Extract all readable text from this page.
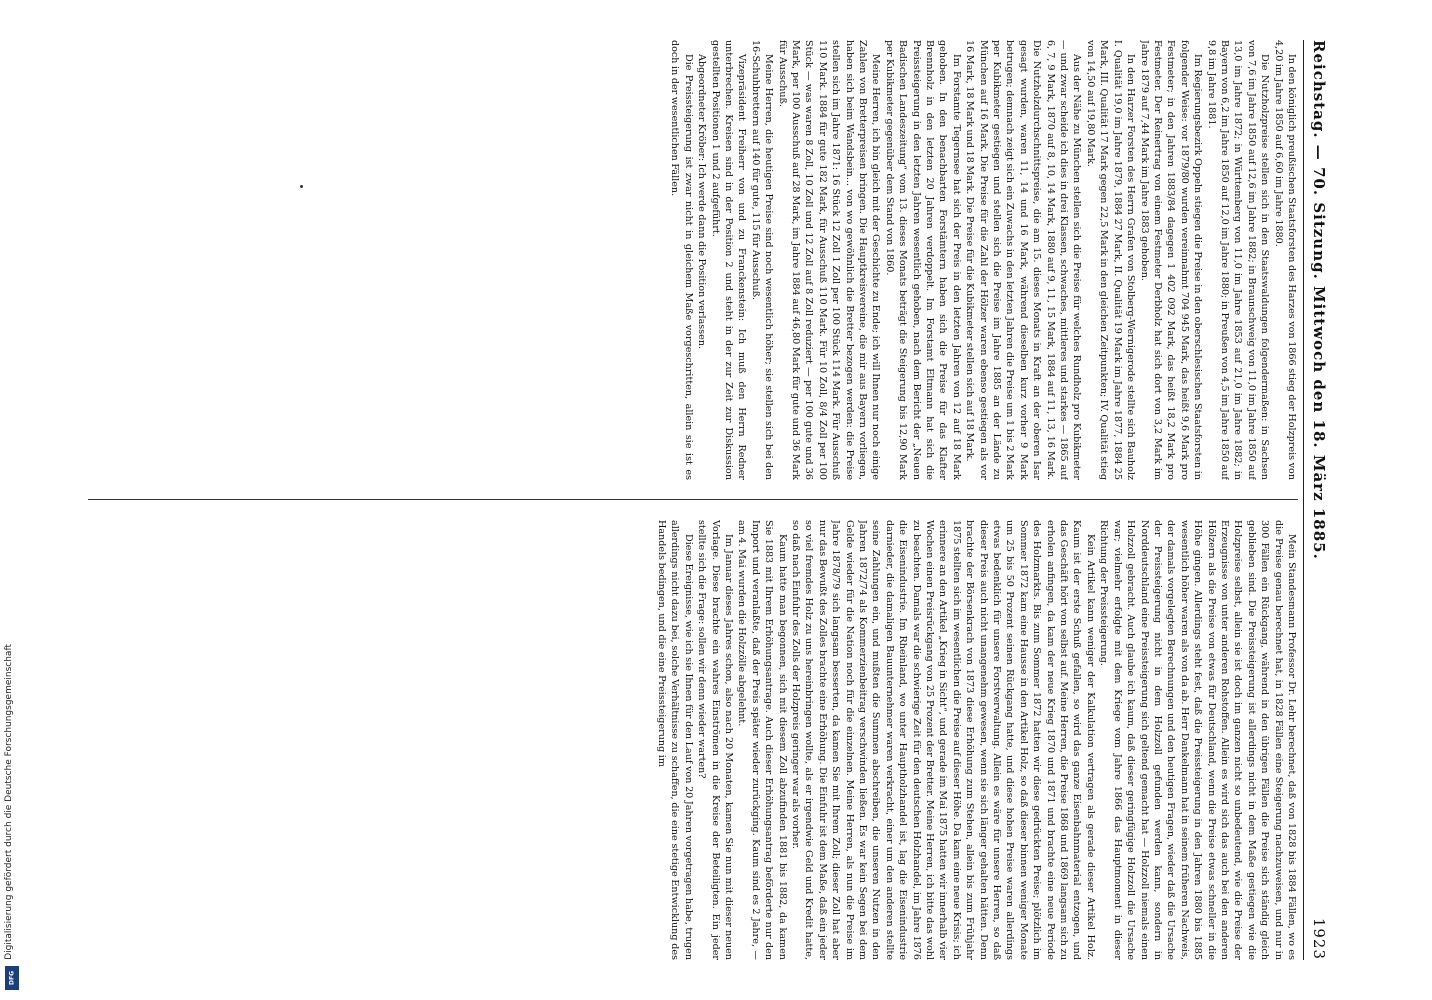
Digitalisierung gefördert durch die Deutsche Forschungsgemeinschaft
DFG
Reichstag. — 70. Sitzung. Mittwoch den 18. März 1885.
1923

In den königlich preußischen Staatsforsten des Harzes von 1866 stieg der Holzpreis von 4,20 im Jahre 1850 auf 6,60 im Jahre 1880.

Die Nutzholzpreise stellen sich in den Staatswaldungen folgendermaßen: in Sachsen von 7,6 im Jahre 1850 auf 12,6 im Jahre 1882; in Braunschweig von 11,0 im Jahre 1850 auf 13,0 im Jahre 1872; in Württemberg von 11,0 im Jahre 1853 auf 21,0 im Jahre 1882; in Bayern von 6,2 im Jahre 1850 auf 12,0 im Jahre 1880; in Preußen von 4,5 im Jahre 1850 auf 9,8 im Jahre 1881.

Im Regierungsbezirk Oppeln stiegen die Preise in den oberschlesischen Staatsforsten in folgender Weise: vor 1879/80 wurden vereinnahmt 704 945 Mark, das heißt 9,6 Mark pro Festmeter; in den Jahren 1883/84 dagegen 1 402 092 Mark, das heißt 18,2 Mark pro Festmeter. Der Reinertrag von einem Festmeter Derbholz hat sich dort von 3,2 Mark im Jahre 1879 auf 7,44 Mark im Jahre 1883 gehoben.

In den Harzer Forsten des Herrn Grafen von Stolberg-Wernigerode stellte sich Bauholz I. Qualität 19,0 im Jahre 1879, 1884 27 Mark, II. Qualität 19 Mark im Jahre 1877, 1884 25 Mark, III. Qualität 17 Mark gegen 22,5 Mark in den gleichen Zeitpunkten; IV. Qualität stieg von 14,50 auf 19,80 Mark.

Aus der Nähe zu München stellen sich die Preise für welches Rundholz pro Kubikmeter — und zwar scheide ich dies in drei Klassen, schwaches, mittleres und starkes — 1865 auf 6, 7, 9 Mark, 1870 auf 8, 10, 14 Mark, 1880 auf 9, 11, 15 Mark, 1884 auf 11, 13, 16 Mark. Die Nutzholzdurchschnittspreise, die am 15. dieses Monats in Kraft an der oberen Isar gesagt wurden, waren 11, 14 und 16 Mark, während dieselben kurz vorher 9 Mark betrugen; demnach zeigt sich ein Zuwachs in den letzten Jahren die Preise um 1 bis 2 Mark per Kubikmeter gestiegen und stellen sich die Preise im Jahre 1885 an der Lände zu München auf 16 Mark. Die Preise für die Zahl der Hölzer waren ebenso gestiegen als vor 16 Mark, 18 Mark und 18 Mark. Die Preise für die Kubikmeter stellen sich auf 18 Mark.

Im Forstamte Tegernsee hat sich der Preis in den letzten Jahren von 12 auf 18 Mark gehoben. In den benachbarten Forstämtern haben sich die Preise für das Klafter Brennholz in den letzten 20 Jahren verdoppelt. Im Forstamt Eltmann hat sich die Preissteigerung in den letzten Jahren wesentlich gehoben, nach dem Bericht der „Neuen Badischen Landeszeitung“ vom 13. dieses Monats beträgt die Steigerung bis 12,90 Mark per Kubikmeter gegenüber dem Stand von 1860.

Meine Herren, ich bin gleich mit der Geschichte zu Ende; ich will Ihnen nur noch einige Zahlen von Bretterpreisen bringen. Die Hauptkreisvereine, die mir aus Bayern vorliegen, haben sich beim Wandsbein... von wo gewöhnlich die Bretter bezogen werden: die Preise stellen sich im Jahre 1871: 16 Stück 12 Zoll 1 Zoll per 100 Stück 114 Mark. Für Ausschuß 110 Mark. 1884 für gute 182 Mark, für Ausschuß 110 Mark. Für 10 Zoll, 8/4 Zoll per 100 Stück — was waren 8 Zoll, 10 Zoll und 12 Zoll auf 8 Zoll reduziert — per 100 gute und 36 Mark, per 100 Ausschuß auf 28 Mark, im Jahre 1884 auf 46,80 Mark für gute und 36 Mark für Ausschuß.

Meine Herren, die heutigen Preise sind noch wesentlich höher; sie stellen sich bei den 16-Schuhbrettern auf 140 für gute, 115 für Ausschuß.

Vizepräsident Freiherr von und zu Franckenstein: Ich muß den Herrn Redner unterbrechen. Kreisen sind in der Position 2 und steht in der zur Zeit zur Diskussion gestellten Positionen 1 und 2 aufgeführt.

Abgeordneter Kröber: Ich werde dann die Position verlassen.

Die Preissteigerung ist zwar nicht in gleichem Maße vorgeschritten, allein sie ist es doch in der wesentlichen Fällen.

Mein Standesmann Professor Dr. Lehr berechnet, daß von 1828 bis 1884 Fällen, wo es die Preise genau berechnet hat, in 1828 Fällen eine Steigerung nachzuweisen, und nur in 300 Fällen ein Rückgang, während in den übrigen Fällen die Preise sich ständig gleich geblieben sind. Die Preissteigerung ist allerdings nicht in dem Maße gestiegen wie die Holzpreise selbst, allein sie ist doch im ganzen nicht so unbedeutend, wie die Preise der Erzeugnisse von unter anderen Rohstoffen. Allein es wird sich das auch bei den anderen Hölzern als die Preise von etwas für Deutschland, wenn die Preise etwas schneller in die Höhe gingen. Allerdings steht fest, daß die Preissteigerung in den Jahren 1880 bis 1885 wesentlich höher waren als von da ab. Herr Dankelmann hat in seinem früheren Nachweis, der damals vorgelegten Berechnungen und den heutigen Fragen, wieder daß die Ursache der Preissteigerung nicht in dem Holzzoll gefunden werden kann, sondern in Norddeutschland eine Preissteigerung sich geltend gemacht hat — Holzzoll niemals einen Holzzoll gebracht. Auch glaube ich kaum, daß dieser geringfügige Holzzoll die Ursache war; vielmehr erfolgte mit dem Kriege vom Jahre 1866 das Hauptmoment in dieser Richtung der Preissteigerung.

Kein Artikel kann weniger der Kalkulation vertragen als gerade dieser Artikel Holz. Kaum ist der erste Schuß gefallen, so wird das ganze Eisenbahnmaterial entzogen, und das Geschäft hört von selbst auf. Meine Herren, die Preise 1868 und 1869 langsam sich zu erholen anfingen, da kam der neue Krieg 1870 und 1871 und brachte eine neue Periode des Holzmarkts. Bis zum Sommer 1872 hatten wir diese gedrückten Preise; plötzlich im Sommer 1872 kam eine Hausse in den Artikel Holz, so daß dieser binnen weniger Monate um 25 bis 50 Prozent seinen Rückgang hatte, und diese hohen Preise waren allerdings etwas bedenklich für unsere Forstverwaltung. Allein es wäre für unsere Herren, so daß dieser Preis auch nicht unangenehm gewesen, wenn sie sich länger gehalten hätten. Denn brachte der Börsenkrach von 1873 diese Erhöhung zum Stehen, allein bis zum Frühjahr 1875 stellten sich im wesentlichen die Preise auf dieser Höhe. Da kam eine neue Krisis; ich erinnere an den Artikel „Krieg in Sicht“, und gerade im Mai 1875 hatten wir innerhalb vier Wochen einen Preisrückgang von 25 Prozent der Bretter. Meine Herren, ich bitte das wohl zu beachten. Damals war die schwierige Zeit für den deutschen Holzhandel, im Jahre 1876 die Eisenindustrie. Im Rheinland, wo unter Hauptholzhandel ist, lag die Eisenindustrie darnieder, die damaligen Bauunternehmer waren verkracht, einer um den anderen stellte seine Zahlungen ein, und mußten die Summen abschreiben, die unseren Nutzen in den Jahren 1872/74 als Kommerzienbeitrag verschwinden ließen. Es war kein Segen bei dem Gelde wieder für die Nation noch für die einzelnen. Meine Herren, als nun die Preise im Jahre 1878/79 sich langsam besserten, da kamen Sie mit Ihrem Zoll; dieser Zoll hat aber nur das Bewußt des Zolles brachte eine Erhöhung. Die Einfuhr ist dem Maße, daß ein jeder so viel fremdes Holz zu uns hereinbringen wollte, als er irgendwie Geld und Kredit hatte, so daß nach Einfuhr des Zolls der Holzpreis geringer war als vorher.

Kaum hatte man begonnen, sich mit diesem Zoll abzufinden 1881 bis 1882, da kamen Sie 1883 mit Ihrem Erhöhungsantrage. Auch dieser Erhöhungsantrag beförderte nur den Import und veranlaßte, daß der Preis später wieder zurückging. Kaum sind es 2 Jahre, — am 4. Mai wurden die Holzzölle abgelehnt.

Im Januar dieses Jahres schon, also nach 20 Monaten, kamen Sie nun mit dieser neuen Vorlage. Diese brachte ein wahres Einströmen in die Kreise der Beteiligten. Ein jeder stellte sich die Frage: sollen wir denn wieder warten?

Diese Ereignisse, wie ich sie Ihnen für den Lauf von 20 Jahren vorgetragen habe, trugen allerdings nicht dazu bei, solche Verhältnisse zu schaffen, die eine stetige Entwicklung des Handels bedingen, und die eine Preissteigerung im
